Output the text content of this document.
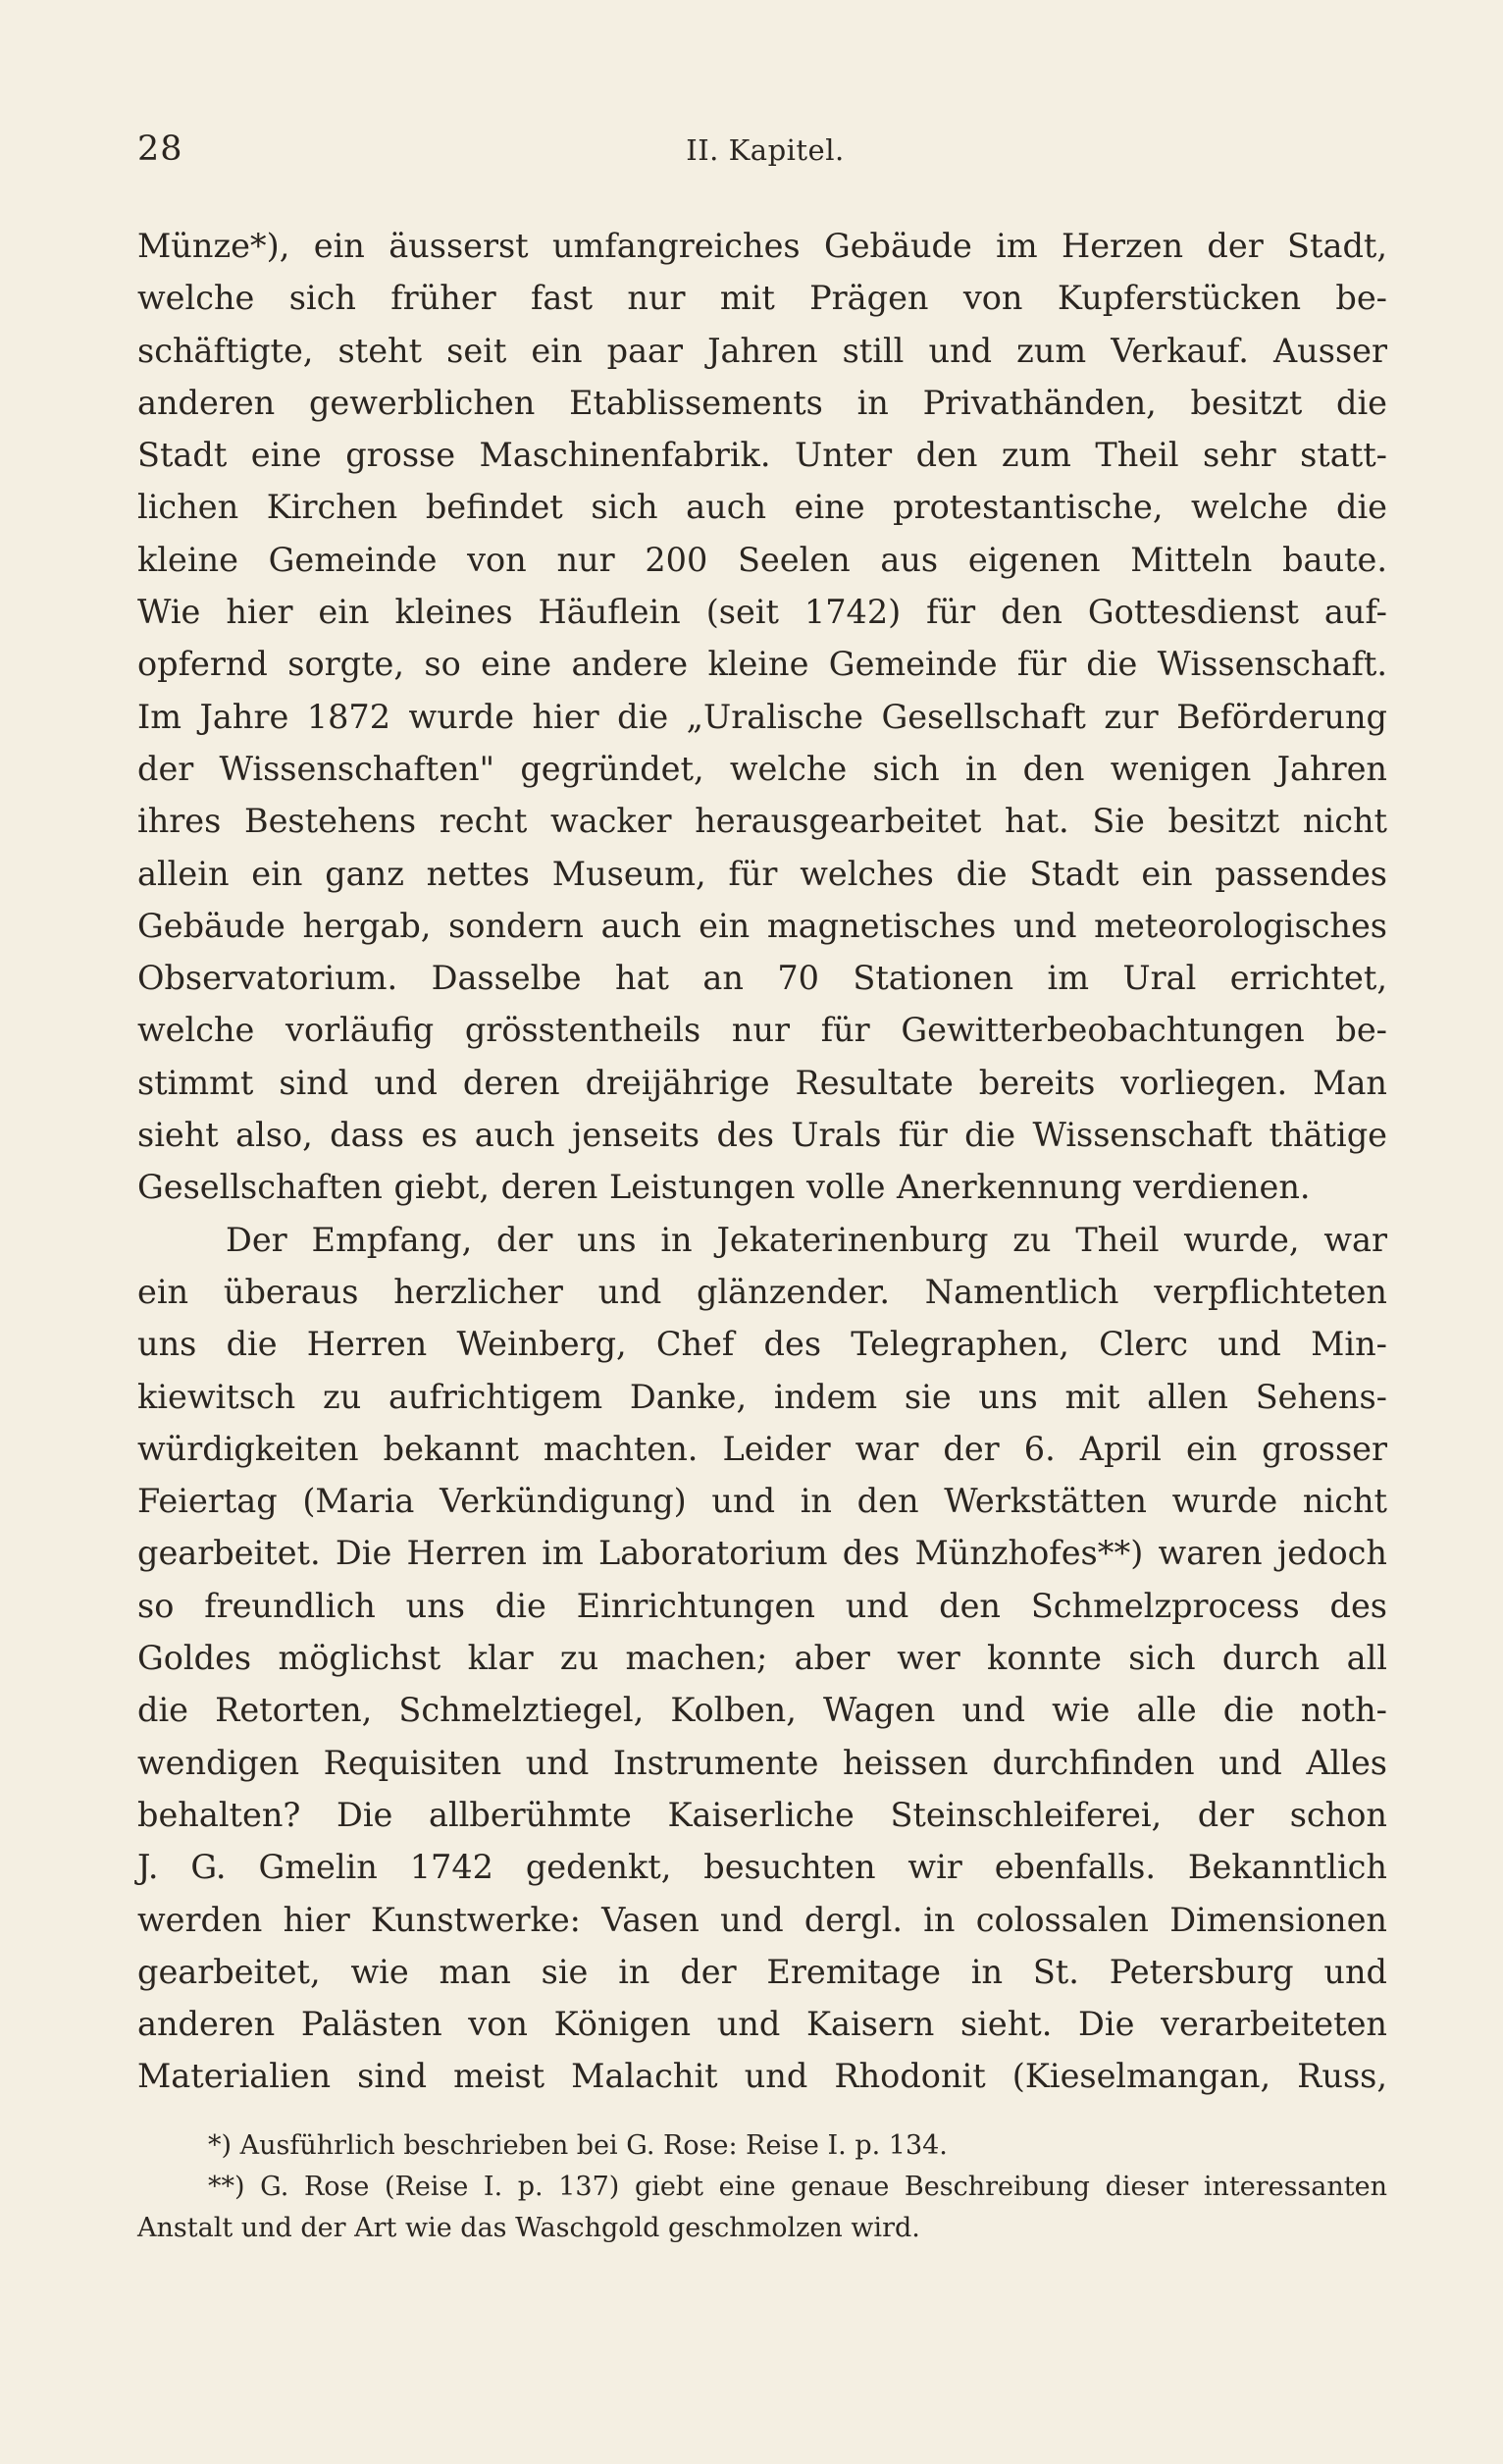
28	II. Kapitel.
Münze*), ein äusserst umfangreiches Gebäude im Herzen der Stadt,
welche sich früher fast nur mit Prägen von Kupferstücken be-
schäftigte, steht seit ein paar Jahren still und zum Verkauf. Ausser
anderen gewerblichen Etablissements in Privathänden, besitzt die
Stadt eine grosse Maschinenfabrik. Unter den zum Theil sehr statt-
lichen Kirchen befindet sich auch eine protestantische, welche die
kleine Gemeinde von nur 200 Seelen aus eigenen Mitteln baute.
Wie hier ein kleines Häuflein (seit 1742) für den Gottesdienst auf-
opfernd sorgte, so eine andere kleine Gemeinde für die Wissenschaft.
Im Jahre 1872 wurde hier die „Uralische Gesellschaft zur Beförderung
der Wissenschaften" gegründet, welche sich in den wenigen Jahren
ihres Bestehens recht wacker herausgearbeitet hat. Sie besitzt nicht
allein ein ganz nettes Museum, für welches die Stadt ein passendes
Gebäude hergab, sondern auch ein magnetisches und meteorologisches
Observatorium. Dasselbe hat an 70 Stationen im Ural errichtet,
welche vorläufig grösstentheils nur für Gewitterbeobachtungen be-
stimmt sind und deren dreijährige Resultate bereits vorliegen. Man
sieht also, dass es auch jenseits des Urals für die Wissenschaft thätige
Gesellschaften giebt, deren Leistungen volle Anerkennung verdienen.
Der Empfang, der uns in Jekaterinenburg zu Theil wurde, war
ein überaus herzlicher und glänzender. Namentlich verpflichteten
uns die Herren Weinberg, Chef des Telegraphen, Clerc und Min-
kiewitsch zu aufrichtigem Danke, indem sie uns mit allen Sehens-
würdigkeiten bekannt machten. Leider war der 6. April ein grosser
Feiertag (Maria Verkündigung) und in den Werkstätten wurde nicht
gearbeitet. Die Herren im Laboratorium des Münzhofes**) waren jedoch
so freundlich uns die Einrichtungen und den Schmelzprocess des
Goldes möglichst klar zu machen; aber wer konnte sich durch all
die Retorten, Schmelztiegel, Kolben, Wagen und wie alle die noth-
wendigen Requisiten und Instrumente heissen durchfinden und Alles
behalten? Die allberühmte Kaiserliche Steinschleiferei, der schon
J. G. Gmelin 1742 gedenkt, besuchten wir ebenfalls. Bekanntlich
werden hier Kunstwerke: Vasen und dergl. in colossalen Dimensionen
gearbeitet, wie man sie in der Eremitage in St. Petersburg und
anderen Palästen von Königen und Kaisern sieht. Die verarbeiteten
Materialien sind meist Malachit und Rhodonit (Kieselmangan, Russ,
*) Ausführlich beschrieben bei G. Rose: Reise I. p. 134.
**) G. Rose (Reise I. p. 137) giebt eine genaue Beschreibung dieser interessanten
Anstalt und der Art wie das Waschgold geschmolzen wird.
